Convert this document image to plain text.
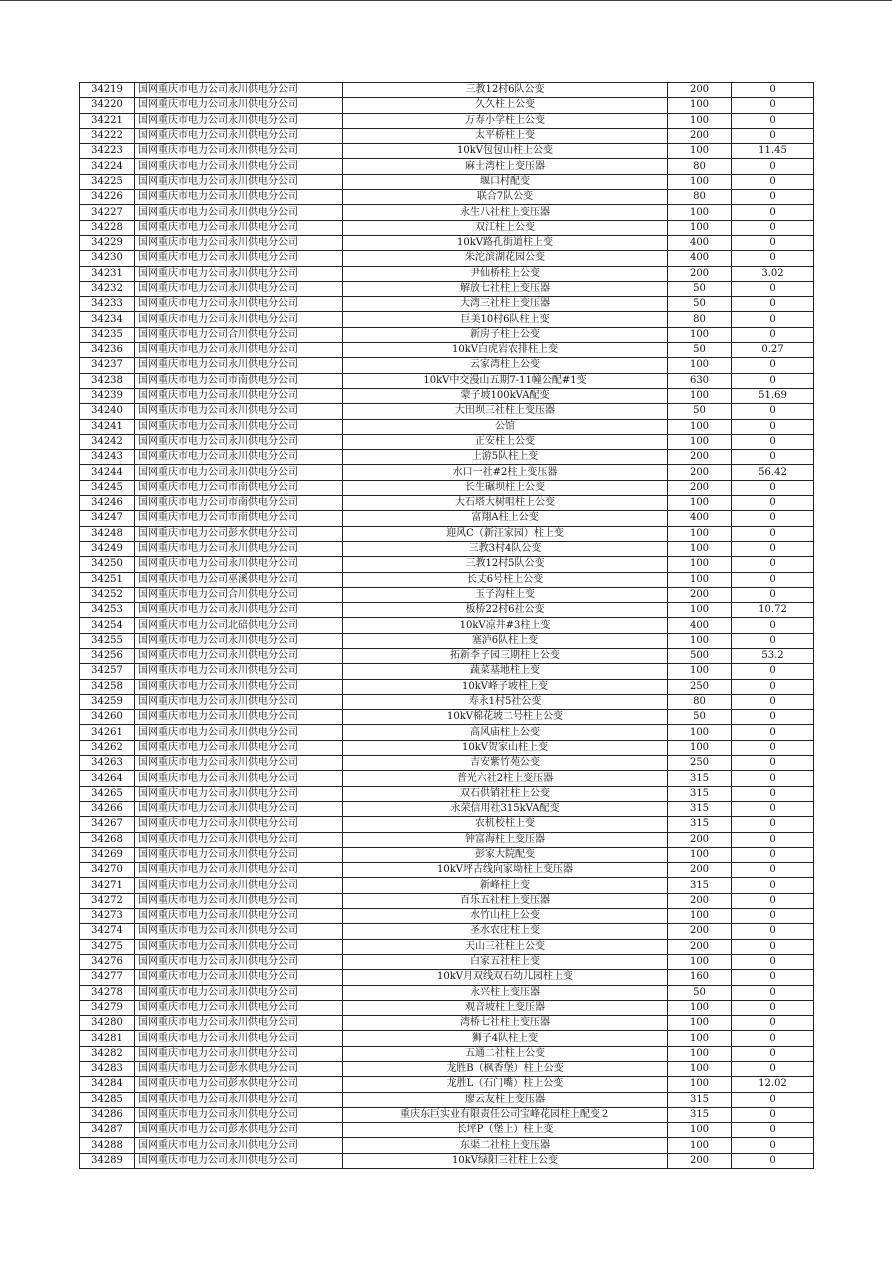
34219	国网重庆市电力公司永川供电分公司	三教12村6队公变	200	0
34220	国网重庆市电力公司永川供电分公司	久久柱上公变	100	0
34221	国网重庆市电力公司永川供电分公司	万寿小学柱上公变	100	0
34222	国网重庆市电力公司永川供电分公司	太平桥柱上变	200	0
34223	国网重庆市电力公司永川供电分公司	10kV包包山柱上公变	100	11.45
34224	国网重庆市电力公司永川供电分公司	麻土湾柱上变压器	80	0
34225	国网重庆市电力公司永川供电分公司	堰口村配变	100	0
34226	国网重庆市电力公司永川供电分公司	联合7队公变	80	0
34227	国网重庆市电力公司永川供电分公司	永生八社柱上变压器	100	0
34228	国网重庆市电力公司永川供电分公司	双江柱上公变	100	0
34229	国网重庆市电力公司永川供电分公司	10kV路孔街道柱上变	400	0
34230	国网重庆市电力公司永川供电分公司	朱沱滨湖花园公变	400	0
34231	国网重庆市电力公司永川供电分公司	尹仙桥柱上公变	200	3.02
34232	国网重庆市电力公司永川供电分公司	解放七社柱上变压器	50	0
34233	国网重庆市电力公司永川供电分公司	大湾三社柱上变压器	50	0
34234	国网重庆市电力公司永川供电分公司	巨美10村6队柱上变	80	0
34235	国网重庆市电力公司合川供电分公司	新房子柱上公变	100	0
34236	国网重庆市电力公司永川供电分公司	10kV白虎岩农排柱上变	50	0.27
34237	国网重庆市电力公司永川供电分公司	云家湾柱上公变	100	0
34238	国网重庆市电力公司市南供电分公司	10kV中交漫山五期7-11幢公配#1变	630	0
34239	国网重庆市电力公司永川供电分公司	蒙子坡100kVA配变	100	51.69
34240	国网重庆市电力公司永川供电分公司	大田坝三社柱上变压器	50	0
34241	国网重庆市电力公司永川供电分公司	公馆	100	0
34242	国网重庆市电力公司永川供电分公司	正安柱上公变	100	0
34243	国网重庆市电力公司永川供电分公司	上游5队柱上变	200	0
34244	国网重庆市电力公司永川供电分公司	水口一社#2柱上变压器	200	56.42
34245	国网重庆市电力公司市南供电分公司	长生碾坝柱上公变	200	0
34246	国网重庆市电力公司市南供电分公司	大石塔大树咀柱上公变	100	0
34247	国网重庆市电力公司市南供电分公司	富翔A柱上公变	400	0
34248	国网重庆市电力公司彭水供电分公司	迎风C（新汪家园）柱上变	100	0
34249	国网重庆市电力公司永川供电分公司	三教3村4队公变	100	0
34250	国网重庆市电力公司永川供电分公司	三教12村5队公变	100	0
34251	国网重庆市电力公司巫溪供电分公司	长丈6号柱上公变	100	0
34252	国网重庆市电力公司合川供电分公司	玉子沟柱上变	200	0
34253	国网重庆市电力公司永川供电分公司	板桥22村6社公变	100	10.72
34254	国网重庆市电力公司北碚供电分公司	10kV凉井#3柱上变	400	0
34255	国网重庆市电力公司永川供电分公司	塞泸6队柱上变	100	0
34256	国网重庆市电力公司永川供电分公司	拓新李子园三期柱上公变	500	53.2
34257	国网重庆市电力公司永川供电分公司	蔬菜基地柱上变	100	0
34258	国网重庆市电力公司永川供电分公司	10kV峰子坡柱上变	250	0
34259	国网重庆市电力公司永川供电分公司	寿永1村5社公变	80	0
34260	国网重庆市电力公司永川供电分公司	10kV棉花坡二号柱上公变	50	0
34261	国网重庆市电力公司永川供电分公司	高风庙柱上公变	100	0
34262	国网重庆市电力公司永川供电分公司	10kV贺家山柱上变	100	0
34263	国网重庆市电力公司永川供电分公司	吉安紫竹苑公变	250	0
34264	国网重庆市电力公司永川供电分公司	普光六社2柱上变压器	315	0
34265	国网重庆市电力公司永川供电分公司	双石供销社柱上公变	315	0
34266	国网重庆市电力公司永川供电分公司	永荣信用社315kVA配变	315	0
34267	国网重庆市电力公司永川供电分公司	农机校柱上变	315	0
34268	国网重庆市电力公司永川供电分公司	钟富海柱上变压器	200	0
34269	国网重庆市电力公司永川供电分公司	彭家大院配变	100	0
34270	国网重庆市电力公司永川供电分公司	10kV坪古线向家坳柱上变压器	200	0
34271	国网重庆市电力公司永川供电分公司	新峰柱上变	315	0
34272	国网重庆市电力公司永川供电分公司	百乐五社柱上变压器	200	0
34273	国网重庆市电力公司永川供电分公司	水竹山柱上公变	100	0
34274	国网重庆市电力公司永川供电分公司	圣水农庄柱上变	200	0
34275	国网重庆市电力公司永川供电分公司	天山三社柱上公变	200	0
34276	国网重庆市电力公司永川供电分公司	白家五社柱上变	100	0
34277	国网重庆市电力公司永川供电分公司	10kV月双线双石幼儿园柱上变	160	0
34278	国网重庆市电力公司永川供电分公司	永兴柱上变压器	50	0
34279	国网重庆市电力公司永川供电分公司	观音坡柱上变压器	100	0
34280	国网重庆市电力公司永川供电分公司	湾桥七社柱上变压器	100	0
34281	国网重庆市电力公司永川供电分公司	狮子4队柱上变	100	0
34282	国网重庆市电力公司永川供电分公司	五通二社柱上公变	100	0
34283	国网重庆市电力公司彭水供电分公司	龙胜B（枫香堡）柱上公变	100	0
34284	国网重庆市电力公司彭水供电分公司	龙胜L（石门嘴）柱上公变	100	12.02
34285	国网重庆市电力公司永川供电分公司	廖云友柱上变压器	315	0
34286	国网重庆市电力公司永川供电分公司	重庆东巨实业有限责任公司宝峰花园柱上配变２	315	0
34287	国网重庆市电力公司彭水供电分公司	长坪P（堡上）柱上变	100	0
34288	国网重庆市电力公司永川供电分公司	东渠二社柱上变压器	100	0
34289	国网重庆市电力公司永川供电分公司	10kV绿阳三社柱上公变	200	0
